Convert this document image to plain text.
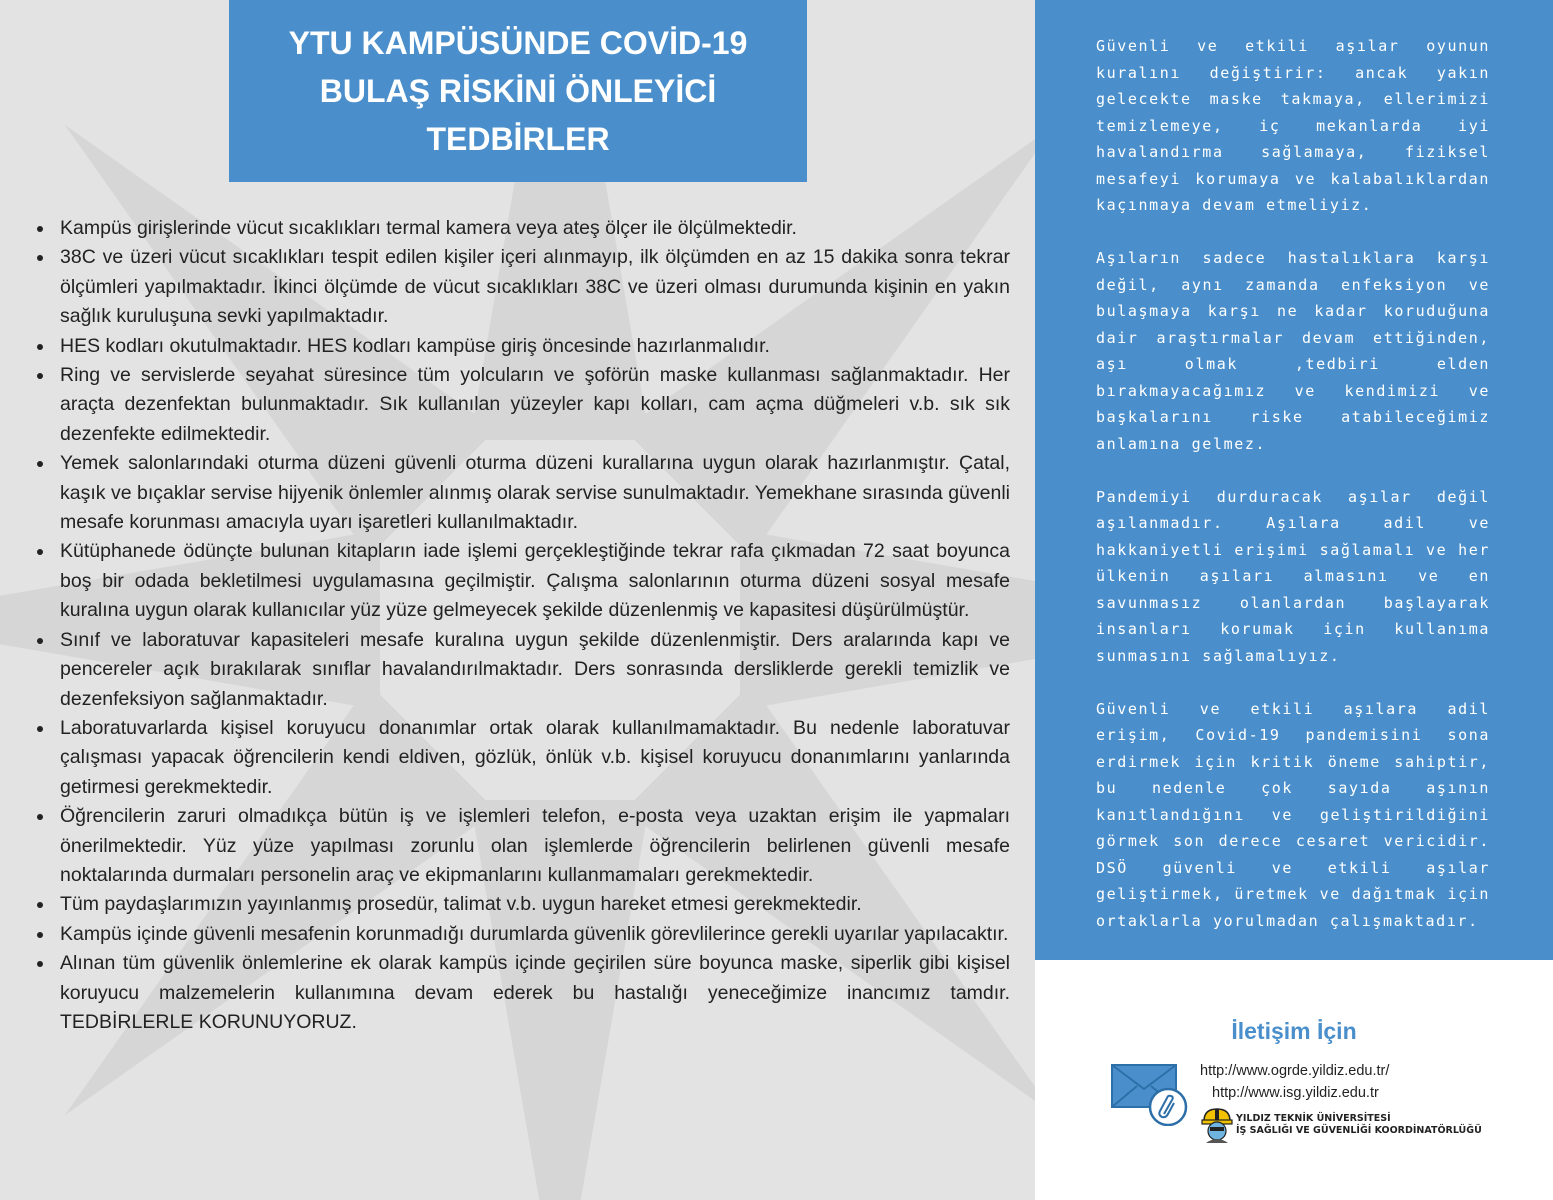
YTU KAMPÜSÜNDE COVİD-19
BULAŞ RİSKİNİ ÖNLEYİCİ
TEDBİRLER
Kampüs girişlerinde vücut sıcaklıkları termal kamera veya ateş ölçer ile ölçülmektedir.
38C ve üzeri vücut sıcaklıkları tespit edilen kişiler içeri alınmayıp, ilk ölçümden en az 15 dakika sonra tekrar ölçümleri yapılmaktadır. İkinci ölçümde de vücut sıcaklıkları 38C ve üzeri olması durumunda kişinin en yakın sağlık kuruluşuna sevki yapılmaktadır.
HES kodları okutulmaktadır. HES kodları kampüse giriş öncesinde hazırlanmalıdır.
Ring ve servislerde seyahat süresince tüm yolcuların ve şoförün maske kullanması sağlanmaktadır. Her araçta dezenfektan bulunmaktadır. Sık kullanılan yüzeyler kapı kolları, cam açma düğmeleri v.b. sık sık dezenfekte edilmektedir.
Yemek salonlarındaki oturma düzeni güvenli oturma düzeni kurallarına uygun olarak hazırlanmıştır. Çatal, kaşık ve bıçaklar servise hijyenik önlemler alınmış olarak servise sunulmaktadır. Yemekhane sırasında güvenli mesafe korunması amacıyla uyarı işaretleri kullanılmaktadır.
Kütüphanede ödünçte bulunan kitapların iade işlemi gerçekleştiğinde tekrar rafa çıkmadan 72 saat boyunca boş bir odada bekletilmesi uygulamasına geçilmiştir. Çalışma salonlarının oturma düzeni sosyal mesafe kuralına uygun olarak kullanıcılar yüz yüze gelmeyecek şekilde düzenlenmiş ve kapasitesi düşürülmüştür.
Sınıf ve laboratuvar kapasiteleri mesafe kuralına uygun şekilde düzenlenmiştir. Ders aralarında kapı ve pencereler açık bırakılarak sınıflar havalandırılmaktadır. Ders sonrasında dersliklerde gerekli temizlik ve dezenfeksiyon sağlanmaktadır.
Laboratuvarlarda kişisel koruyucu donanımlar ortak olarak kullanılmamaktadır. Bu nedenle laboratuvar çalışması yapacak öğrencilerin kendi eldiven, gözlük, önlük v.b. kişisel koruyucu donanımlarını yanlarında getirmesi gerekmektedir.
Öğrencilerin zaruri olmadıkça bütün iş ve işlemleri telefon, e-posta veya uzaktan erişim ile yapmaları önerilmektedir. Yüz yüze yapılması zorunlu olan işlemlerde öğrencilerin belirlenen güvenli mesafe noktalarında durmaları personelin araç ve ekipmanlarını kullanmamaları gerekmektedir.
Tüm paydaşlarımızın yayınlanmış prosedür, talimat v.b. uygun hareket etmesi gerekmektedir.
Kampüs içinde güvenli mesafenin korunmadığı durumlarda güvenlik görevlilerince gerekli uyarılar yapılacaktır.
Alınan tüm güvenlik önlemlerine ek olarak kampüs içinde geçirilen süre boyunca maske, siperlik gibi kişisel koruyucu malzemelerin kullanımına devam ederek bu hastalığı yeneceğimize inancımız tamdır. TEDBİRLERLE KORUNUYORUZ.

Güvenli ve etkili aşılar oyunun kuralını değiştirir: ancak yakın gelecekte maske takmaya, ellerimizi temizlemeye, iç mekanlarda iyi havalandırma sağlamaya, fiziksel mesafeyi korumaya ve kalabalıklardan kaçınmaya devam etmeliyiz.

Aşıların sadece hastalıklara karşı değil, aynı zamanda enfeksiyon ve bulaşmaya karşı ne kadar koruduğuna dair araştırmalar devam ettiğinden, aşı olmak ,tedbiri elden bırakmayacağımız ve kendimizi ve başkalarını riske atabileceğimiz anlamına gelmez.

Pandemiyi durduracak aşılar değil aşılanmadır. Aşılara adil ve hakkaniyetli erişimi sağlamalı ve her ülkenin aşıları almasını ve en savunmasız olanlardan başlayarak insanları korumak için kullanıma sunmasını sağlamalıyız.

Güvenli ve etkili aşılara adil erişim, Covid-19 pandemisini sona erdirmek için kritik öneme sahiptir, bu nedenle çok sayıda aşının kanıtlandığını ve geliştirildiğini görmek son derece cesaret vericidir. DSÖ güvenli ve etkili aşılar geliştirmek, üretmek ve dağıtmak için ortaklarla yorulmadan çalışmaktadır.

İletişim İçin
http://www.ogrde.yildiz.edu.tr/
http://www.isg.yildiz.edu.tr
YILDIZ TEKNİK ÜNİVERSİTESİ
İŞ SAĞLIĞI VE GÜVENLİĞİ KOORDİNATÖRLÜĞÜ
